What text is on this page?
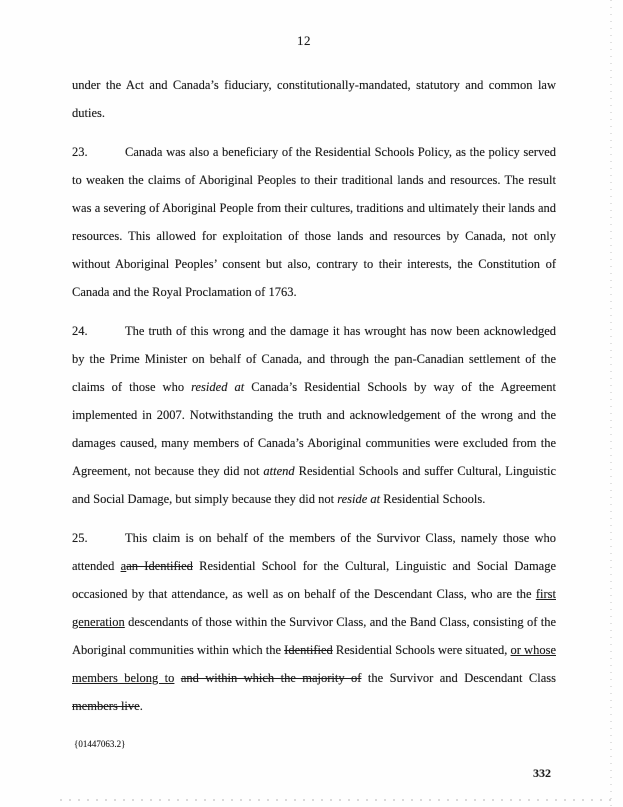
12

under the Act and Canada’s fiduciary, constitutionally-mandated, statutory and common law duties.

23.	Canada was also a beneficiary of the Residential Schools Policy, as the policy served to weaken the claims of Aboriginal Peoples to their traditional lands and resources. The result was a severing of Aboriginal People from their cultures, traditions and ultimately their lands and resources. This allowed for exploitation of those lands and resources by Canada, not only without Aboriginal Peoples’ consent but also, contrary to their interests, the Constitution of Canada and the Royal Proclamation of 1763.

24.	The truth of this wrong and the damage it has wrought has now been acknowledged by the Prime Minister on behalf of Canada, and through the pan-Canadian settlement of the claims of those who resided at Canada’s Residential Schools by way of the Agreement implemented in 2007. Notwithstanding the truth and acknowledgement of the wrong and the damages caused, many members of Canada’s Aboriginal communities were excluded from the Agreement, not because they did not attend Residential Schools and suffer Cultural, Linguistic and Social Damage, but simply because they did not reside at Residential Schools.

25.	This claim is on behalf of the members of the Survivor Class, namely those who attended aan Identified Residential School for the Cultural, Linguistic and Social Damage occasioned by that attendance, as well as on behalf of the Descendant Class, who are the first generation descendants of those within the Survivor Class, and the Band Class, consisting of the Aboriginal communities within which the Identified Residential Schools were situated, or whose members belong to and within which the majority of the Survivor and Descendant Class members live.

{01447063.2}
332
